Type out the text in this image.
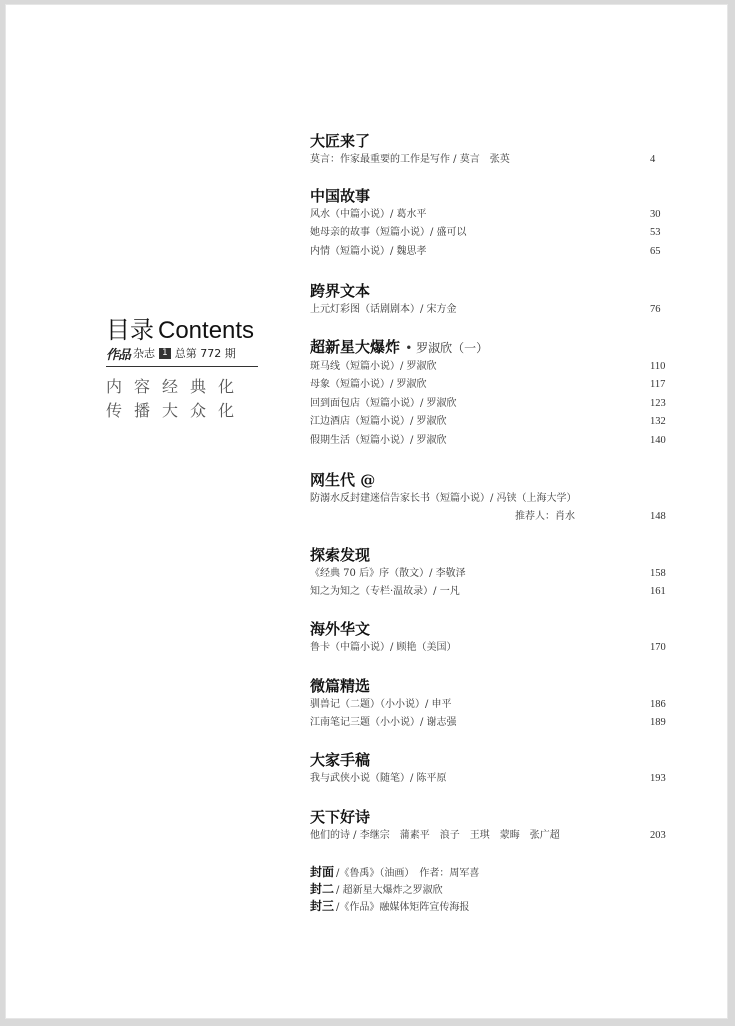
目录 Contents
作品 杂志 1 总第 772 期
内容经典化
传播大众化
大匠来了
莫言：作家最重要的工作是写作 / 莫言　张英	4
中国故事
风水（中篇小说）/ 葛水平	30
她母亲的故事（短篇小说）/ 盛可以	53
内情（短篇小说）/ 魏思孝	65
跨界文本
上元灯彩图（话剧剧本）/ 宋方金	76
超新星大爆炸 • 罗淑欣（一）
斑马线（短篇小说）/ 罗淑欣	110
母象（短篇小说）/ 罗淑欣	117
回到面包店（短篇小说）/ 罗淑欣	123
江边酒店（短篇小说）/ 罗淑欣	132
假期生活（短篇小说）/ 罗淑欣	140
网生代 @
防溺水反封建迷信告家长书（短篇小说）/ 冯铗（上海大学）
推荐人：肖水	148
探索发现
《经典 70 后》序（散文）/ 李敬泽	158
知之为知之（专栏·温故录）/ 一凡	161
海外华文
鲁卡（中篇小说）/ 顾艳（美国）	170
微篇精选
驯兽记（二题）（小小说）/ 申平	186
江南笔记三题（小小说）/ 谢志强	189
大家手稿
我与武侠小说（随笔）/ 陈平原	193
天下好诗
他们的诗 / 李继宗　蒲素平　浪子　王琪　蒙晦　张广超	203
封面 /《鲁禹》（油画）　作者：周军喜
封二 / 超新星大爆炸之罗淑欣
封三 /《作品》融媒体矩阵宣传海报
